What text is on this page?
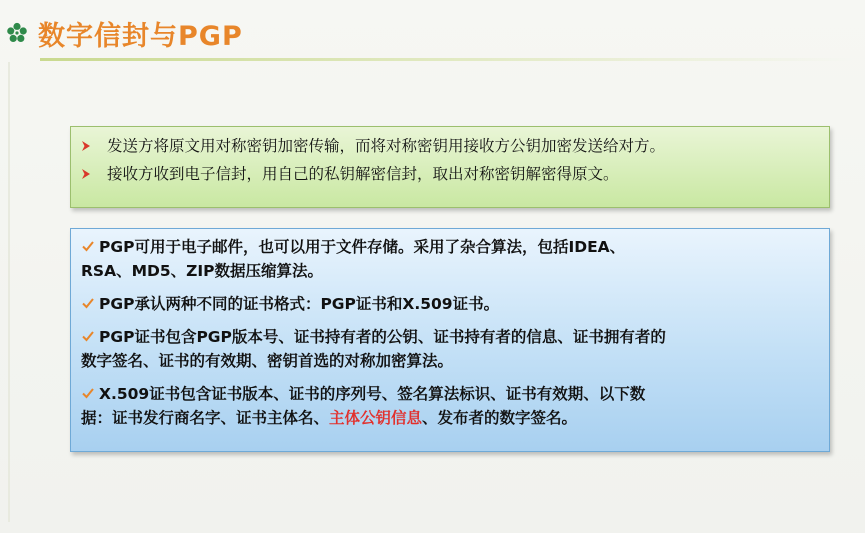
数字信封与PGP
发送方将原文用对称密钥加密传输，而将对称密钥用接收方公钥加密发送给对方。
接收方收到电子信封，用自己的私钥解密信封，取出对称密钥解密得原文。
PGP可用于电子邮件，也可以用于文件存储。采用了杂合算法，包括IDEA、
RSA、MD5、ZIP数据压缩算法。
PGP承认两种不同的证书格式：PGP证书和X.509证书。
PGP证书包含PGP版本号、证书持有者的公钥、证书持有者的信息、证书拥有者的
数字签名、证书的有效期、密钥首选的对称加密算法。
X.509证书包含证书版本、证书的序列号、签名算法标识、证书有效期、以下数
据：证书发行商名字、证书主体名、主体公钥信息、发布者的数字签名。
